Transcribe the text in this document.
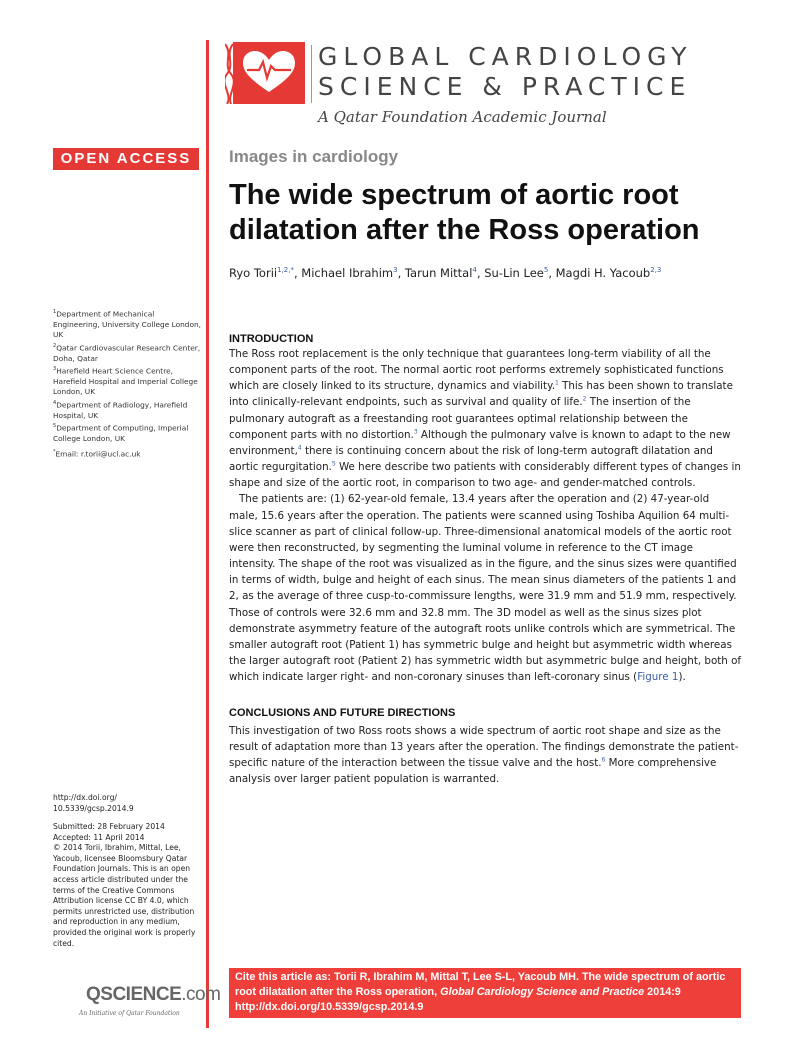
GLOBAL CARDIOLOGY
SCIENCE & PRACTICE
A Qatar Foundation Academic Journal
OPEN ACCESS	Images in cardiology
The wide spectrum of aortic root dilatation after the Ross operation
Ryo Torii$^{1,2,*}$, Michael Ibrahim$^3$, Tarun Mittal$^4$, Su-Lin Lee$^5$, Magdi H. Yacoub$^{2,3}$

$^1$Department of Mechanical Engineering, University College London, UK

$^2$Qatar Cardiovascular Research Center, Doha, Qatar

$^3$Harefield Heart Science Centre, Harefield Hospital and Imperial College London, UK

$^4$Department of Radiology, Harefield Hospital, UK

$^5$Department of Computing, Imperial College London, UK

*Email: r.torii@ucl.ac.uk

INTRODUCTION

The Ross root replacement is the only technique that guarantees long-term viability of all the component parts of the root. The normal aortic root performs extremely sophisticated functions which are closely linked to its structure, dynamics and viability.$^1$ This has been shown to translate into clinically-relevant endpoints, such as survival and quality of life.$^2$ The insertion of the pulmonary autograft as a freestanding root guarantees optimal relationship between the component parts with no distortion.$^3$ Although the pulmonary valve is known to adapt to the new environment,$^4$ there is continuing concern about the risk of long-term autograft dilatation and aortic regurgitation.$^5$ We here describe two patients with considerably different types of changes in shape and size of the aortic root, in comparison to two age- and gender-matched controls.

The patients are: (1) 62-year-old female, 13.4 years after the operation and (2) 47-year-old male, 15.6 years after the operation. The patients were scanned using Toshiba Aquilion 64 multi-slice scanner as part of clinical follow-up. Three-dimensional anatomical models of the aortic root were then reconstructed, by segmenting the luminal volume in reference to the CT image intensity. The shape of the root was visualized as in the figure, and the sinus sizes were quantified in terms of width, bulge and height of each sinus. The mean sinus diameters of the patients 1 and 2, as the average of three cusp-to-commissure lengths, were 31.9 mm and 51.9 mm, respectively. Those of controls were 32.6 mm and 32.8 mm. The 3D model as well as the sinus sizes plot demonstrate asymmetry feature of the autograft roots unlike controls which are symmetrical. The smaller autograft root (Patient 1) has symmetric bulge and height but asymmetric width whereas the larger autograft root (Patient 2) has symmetric width but asymmetric bulge and height, both of which indicate larger right- and non-coronary sinuses than left-coronary sinus (Figure 1).

CONCLUSIONS AND FUTURE DIRECTIONS

This investigation of two Ross roots shows a wide spectrum of aortic root shape and size as the result of adaptation more than 13 years after the operation. The findings demonstrate the patient-specific nature of the interaction between the tissue valve and the host.$^6$ More comprehensive analysis over larger patient population is warranted.

http://dx.doi.org/

10.5339/gcsp.2014.9

Submitted: 28 February 2014

Accepted: 11 April 2014

© 2014 Torii, Ibrahim, Mittal, Lee, Yacoub, licensee Bloomsbury Qatar Foundation Journals. This is an open access article distributed under the terms of the Creative Commons Attribution license CC BY 4.0, which permits unrestricted use, distribution and reproduction in any medium, provided the original work is properly cited.

QSCIENCE.com
An Initiative of Qatar Foundation
Cite this article as: Torii R, Ibrahim M, Mittal T, Lee S-L, Yacoub MH. The wide spectrum of aortic root dilatation after the Ross operation, Global Cardiology Science and Practice 2014:9
http://dx.doi.org/10.5339/gcsp.2014.9
